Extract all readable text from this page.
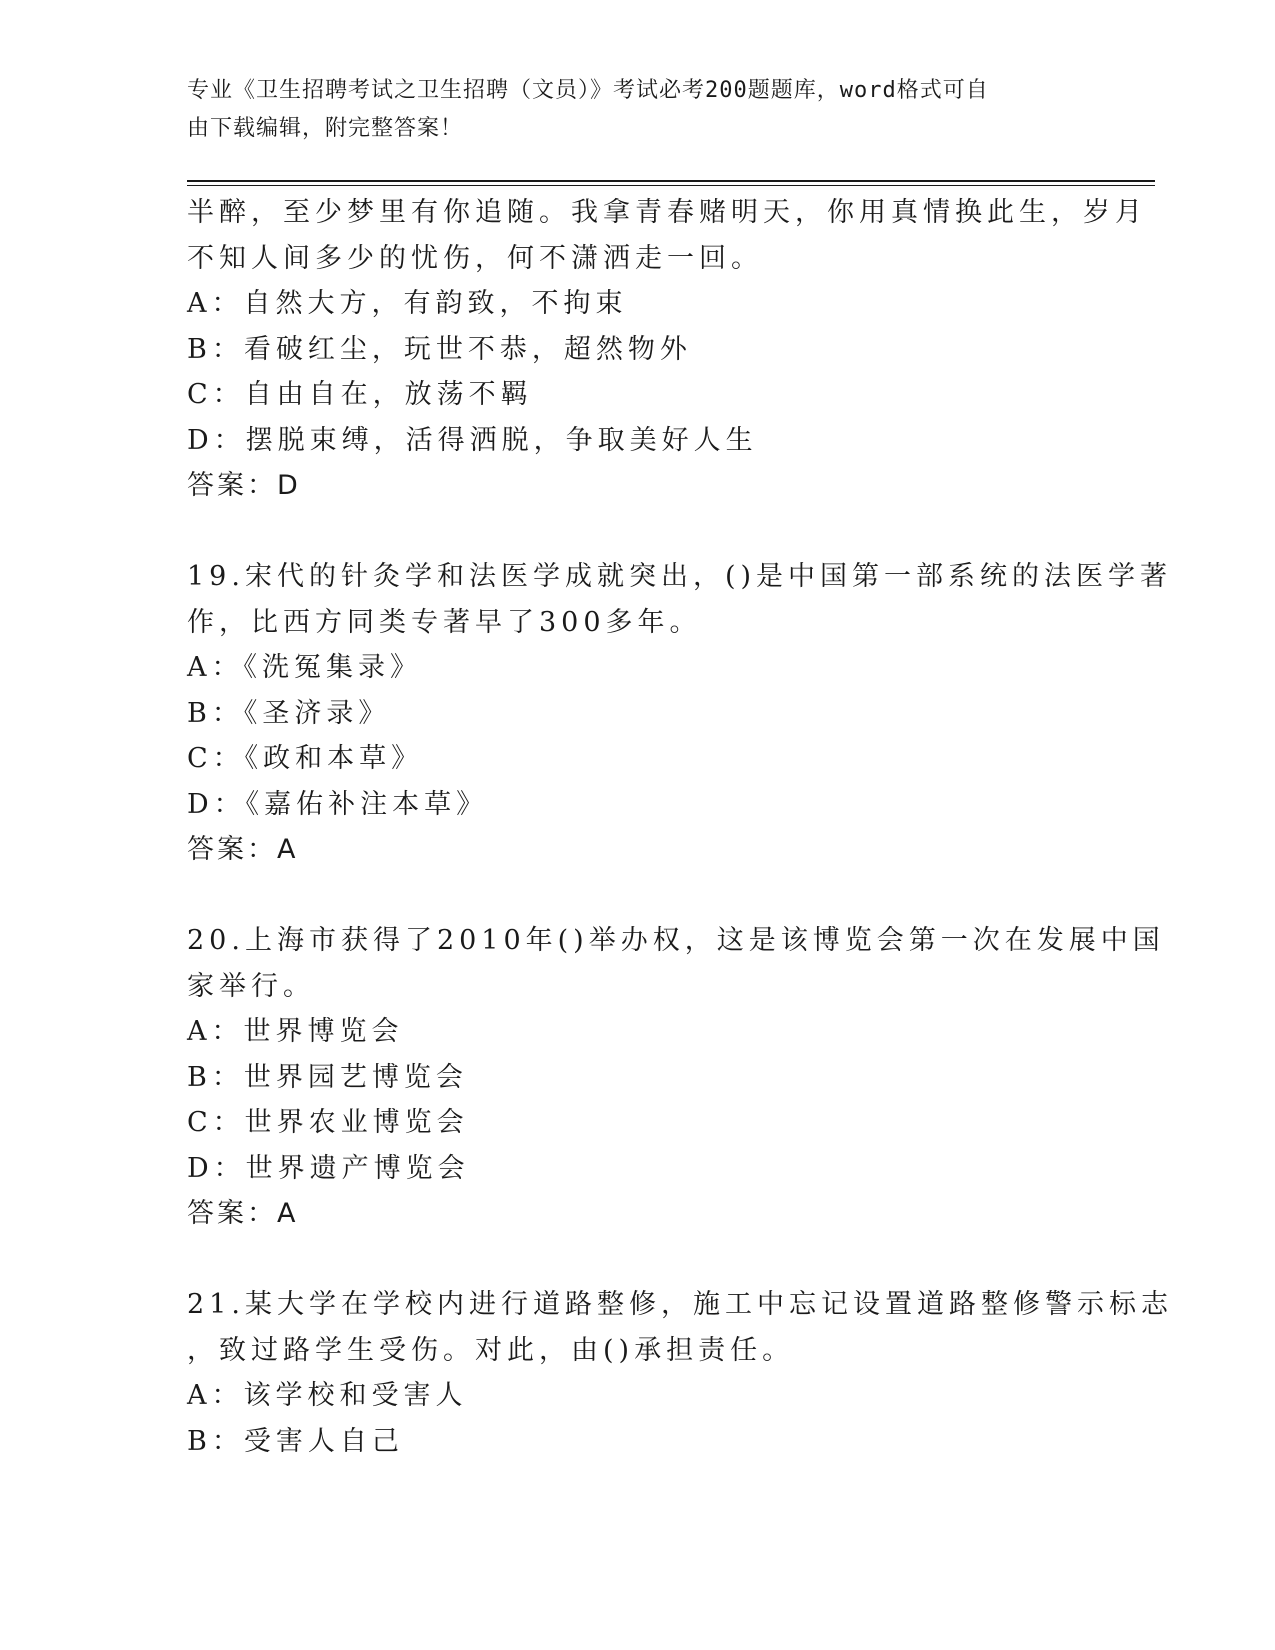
专业《卫生招聘考试之卫生招聘（文员）》考试必考200题题库，word格式可自
由下载编辑，附完整答案！
半醉，至少梦里有你追随。我拿青春赌明天，你用真情换此生，岁月
不知人间多少的忧伤，何不潇洒走一回。
A：自然大方，有韵致，不拘束
B：看破红尘，玩世不恭，超然物外
C：自由自在，放荡不羁
D：摆脱束缚，活得洒脱，争取美好人生
答案：D
19.宋代的针灸学和法医学成就突出，()是中国第一部系统的法医学著
作，比西方同类专著早了300多年。
A：《洗冤集录》
B：《圣济录》
C：《政和本草》
D：《嘉佑补注本草》
答案：A
20.上海市获得了2010年()举办权，这是该博览会第一次在发展中国
家举行。
A：世界博览会
B：世界园艺博览会
C：世界农业博览会
D：世界遗产博览会
答案：A
21.某大学在学校内进行道路整修，施工中忘记设置道路整修警示标志
，致过路学生受伤。对此，由()承担责任。
A：该学校和受害人
B：受害人自己
